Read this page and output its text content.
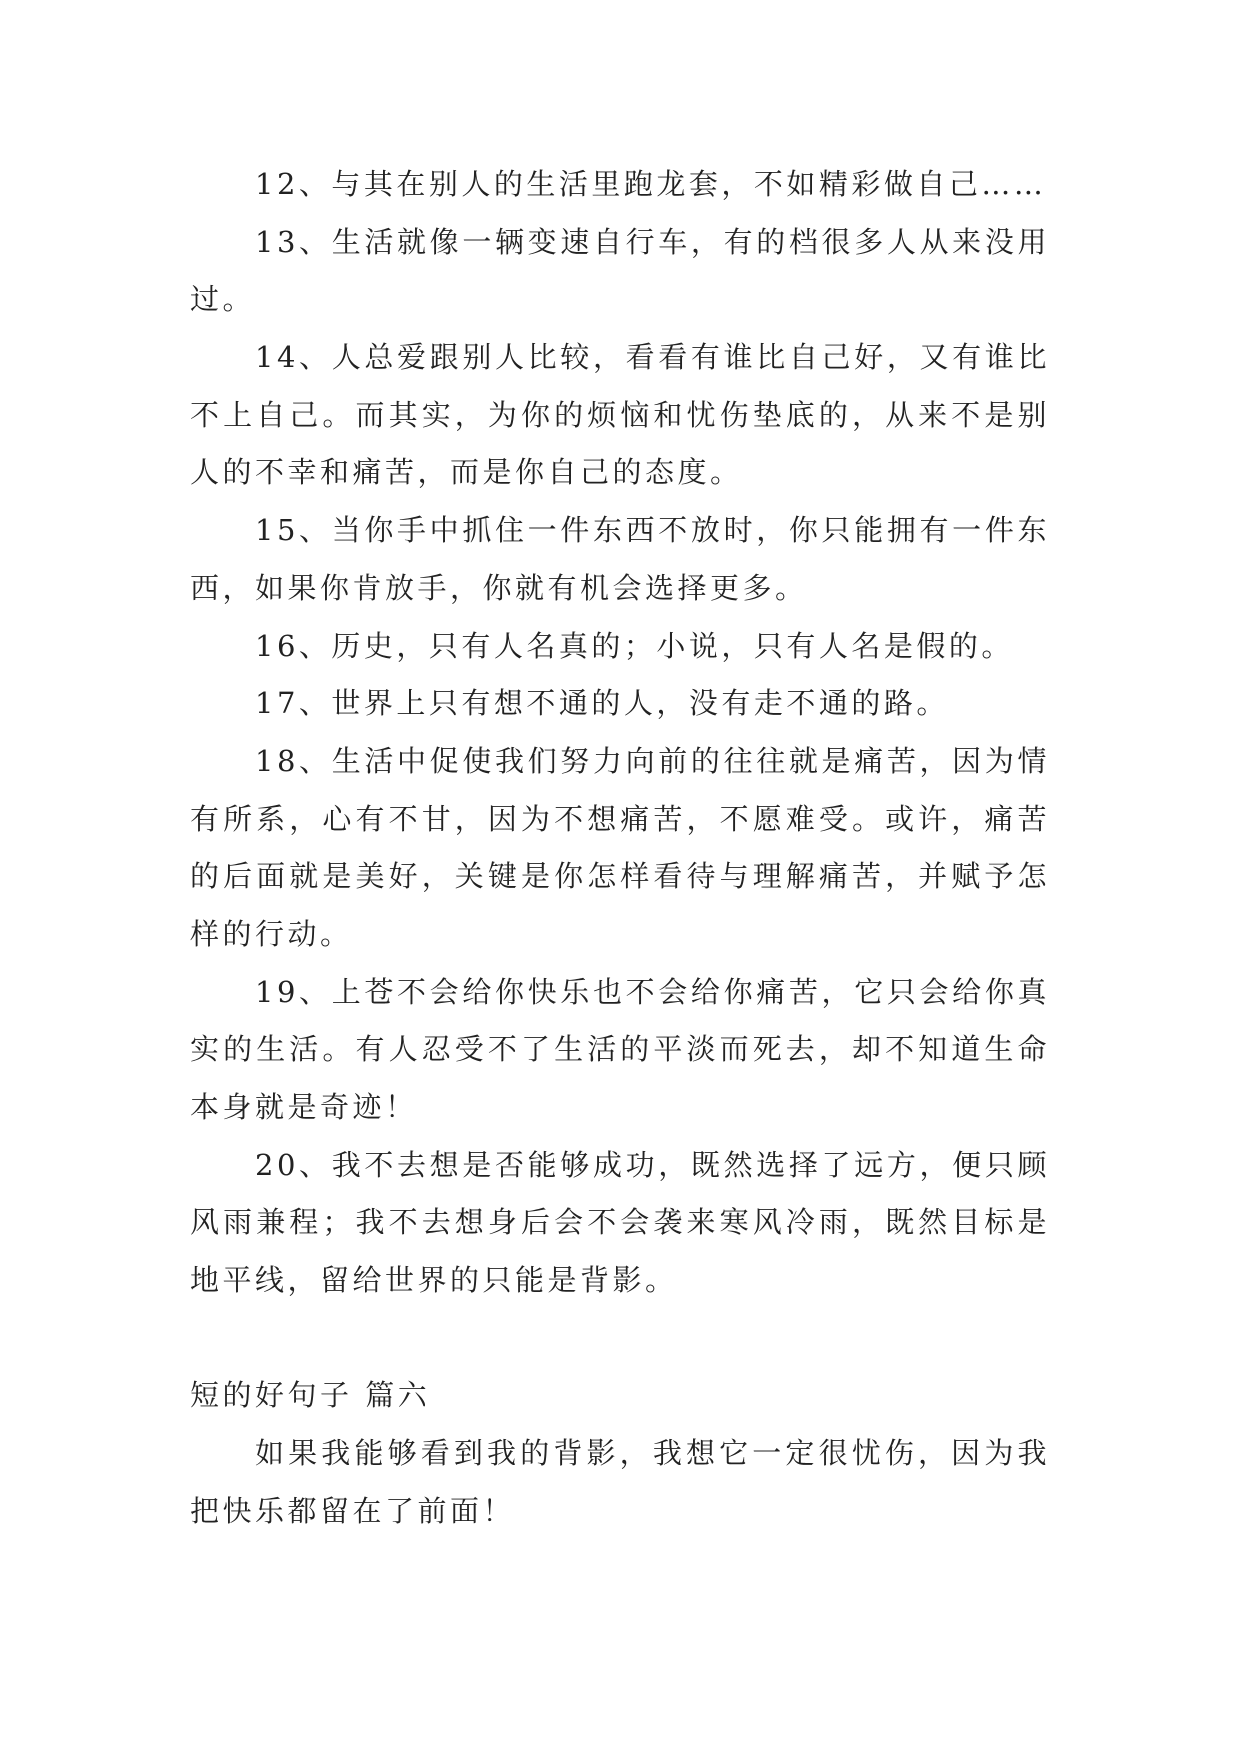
12、与其在别人的生活里跑龙套，不如精彩做自己……
13、生活就像一辆变速自行车，有的档很多人从来没用
过。
14、人总爱跟别人比较，看看有谁比自己好，又有谁比
不上自己。而其实，为你的烦恼和忧伤垫底的，从来不是别
人的不幸和痛苦，而是你自己的态度。
15、当你手中抓住一件东西不放时，你只能拥有一件东
西，如果你肯放手，你就有机会选择更多。
16、历史，只有人名真的；小说，只有人名是假的。
17、世界上只有想不通的人，没有走不通的路。
18、生活中促使我们努力向前的往往就是痛苦，因为情
有所系，心有不甘，因为不想痛苦，不愿难受。或许，痛苦
的后面就是美好，关键是你怎样看待与理解痛苦，并赋予怎
样的行动。
19、上苍不会给你快乐也不会给你痛苦，它只会给你真
实的生活。有人忍受不了生活的平淡而死去，却不知道生命
本身就是奇迹！
20、我不去想是否能够成功，既然选择了远方，便只顾
风雨兼程；我不去想身后会不会袭来寒风冷雨，既然目标是
地平线，留给世界的只能是背影。
短的好句子 篇六
如果我能够看到我的背影，我想它一定很忧伤，因为我
把快乐都留在了前面！
